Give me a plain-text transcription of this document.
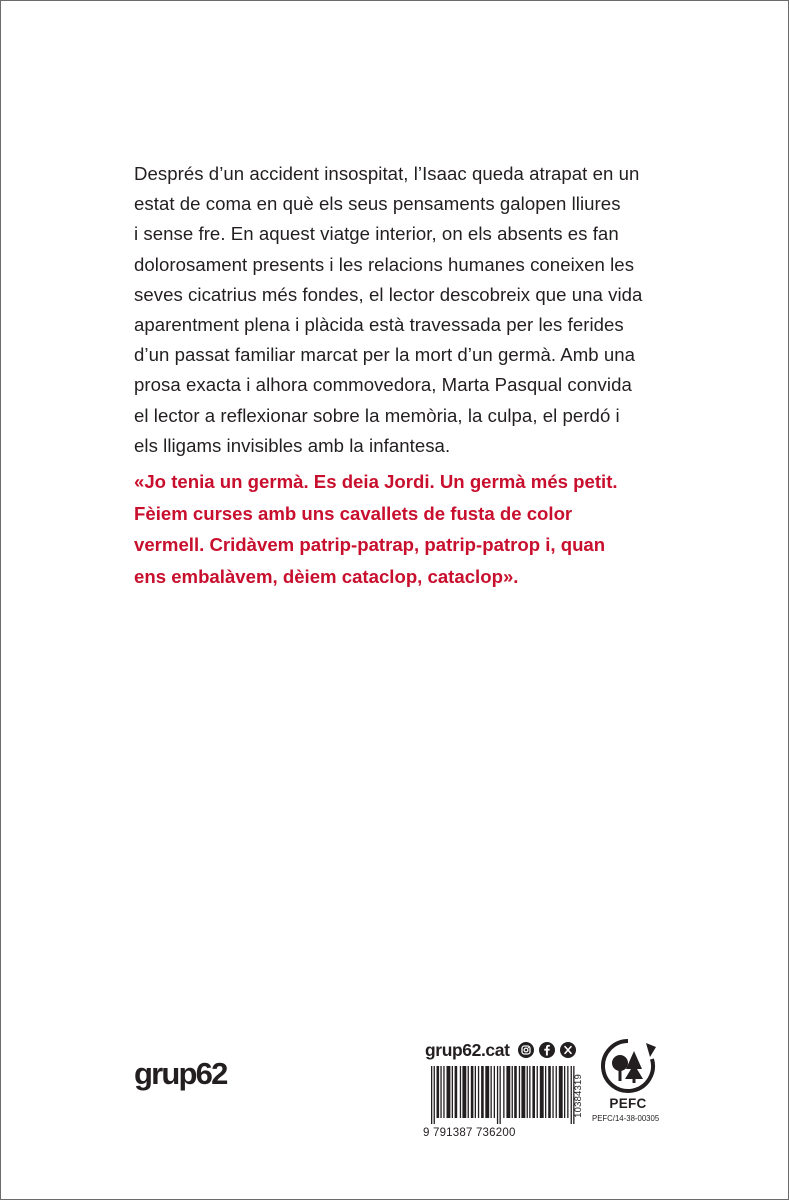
Després d’un accident insospitat, l’Isaac queda atrapat en un
estat de coma en què els seus pensaments galopen lliures
i sense fre. En aquest viatge interior, on els absents es fan
dolorosament presents i les relacions humanes coneixen les
seves cicatrius més fondes, el lector descobreix que una vida
aparentment plena i plàcida està travessada per les ferides
d’un passat familiar marcat per la mort d’un germà. Amb una
prosa exacta i alhora commovedora, Marta Pasqual convida
el lector a reflexionar sobre la memòria, la culpa, el perdó i
els lligams invisibles amb la infantesa.

«Jo tenia un germà. Es deia Jordi. Un germà més petit.
Fèiem curses amb uns cavallets de fusta de color
vermell. Cridàvem patrip-patrap, patrip-patrop i, quan
ens embalàvem, dèiem cataclop, cataclop».

grup62
grup62.cat
9 791387 736200
10384319	PEFC
PEFC/14-38-00305
